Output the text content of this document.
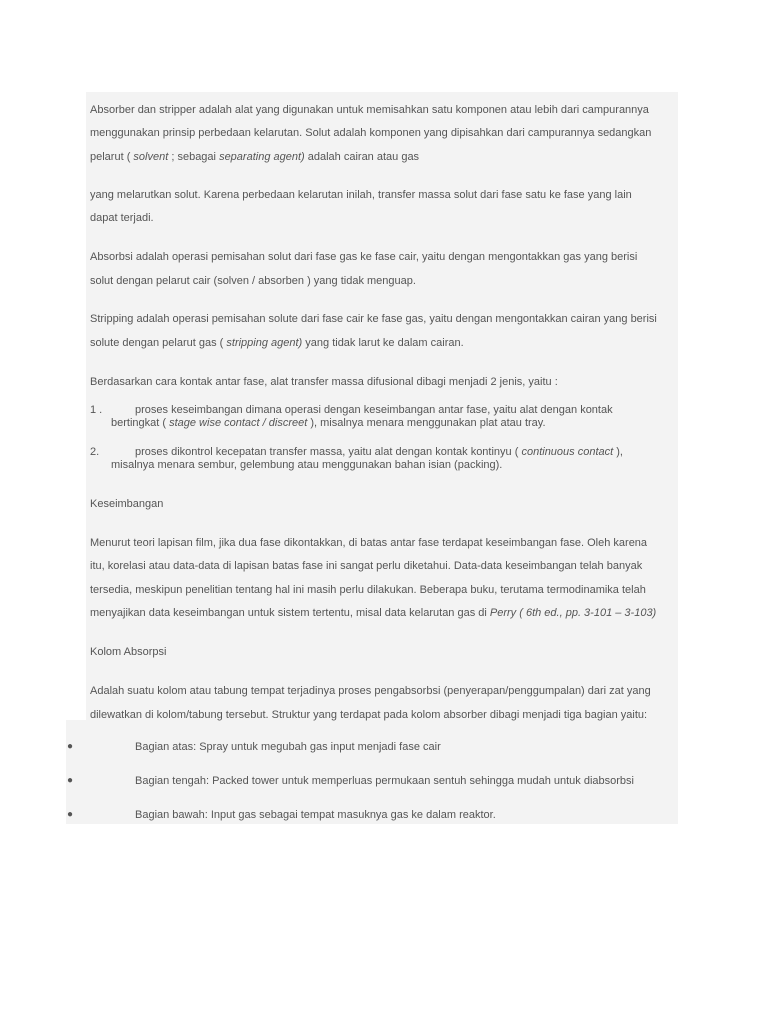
Absorber dan stripper adalah alat yang digunakan untuk memisahkan satu komponen atau lebih dari campurannya
menggunakan prinsip perbedaan kelarutan. Solut adalah komponen yang dipisahkan dari campurannya sedangkan
pelarut ( solvent ; sebagai separating agent) adalah cairan atau gas
yang melarutkan solut. Karena perbedaan kelarutan inilah, transfer massa solut dari fase satu ke fase yang lain
dapat terjadi.
Absorbsi adalah operasi pemisahan solut dari fase gas ke fase cair, yaitu dengan mengontakkan gas yang berisi
solut dengan pelarut cair (solven / absorben ) yang tidak menguap.
Stripping adalah operasi pemisahan solute dari fase cair ke fase gas, yaitu dengan mengontakkan cairan yang berisi
solute dengan pelarut gas ( stripping agent) yang tidak larut ke dalam cairan.
Berdasarkan cara kontak antar fase, alat transfer massa difusional dibagi menjadi 2 jenis, yaitu :
1 .	proses keseimbangan dimana operasi dengan keseimbangan antar fase, yaitu alat dengan kontak
bertingkat ( stage wise contact / discreet ), misalnya menara menggunakan plat atau tray.
2.	proses dikontrol kecepatan transfer massa, yaitu alat dengan kontak kontinyu ( continuous contact ),
misalnya menara sembur, gelembung atau menggunakan bahan isian (packing).
Keseimbangan
Menurut teori lapisan film, jika dua fase dikontakkan, di batas antar fase terdapat keseimbangan fase. Oleh karena
itu, korelasi atau data-data di lapisan batas fase ini sangat perlu diketahui. Data-data keseimbangan telah banyak
tersedia, meskipun penelitian tentang hal ini masih perlu dilakukan. Beberapa buku, terutama termodinamika telah
menyajikan data keseimbangan untuk sistem tertentu, misal data kelarutan gas di Perry ( 6th ed., pp. 3-101 – 3-103)
Kolom Absorpsi
Adalah suatu kolom atau tabung tempat terjadinya proses pengabsorbsi (penyerapan/penggumpalan) dari zat yang
dilewatkan di kolom/tabung tersebut. Struktur yang terdapat pada kolom absorber dibagi menjadi tiga bagian yaitu:
●	Bagian atas: Spray untuk megubah gas input menjadi fase cair
●	Bagian tengah: Packed tower untuk memperluas permukaan sentuh sehingga mudah untuk diabsorbsi
●	Bagian bawah: Input gas sebagai tempat masuknya gas ke dalam reaktor.
